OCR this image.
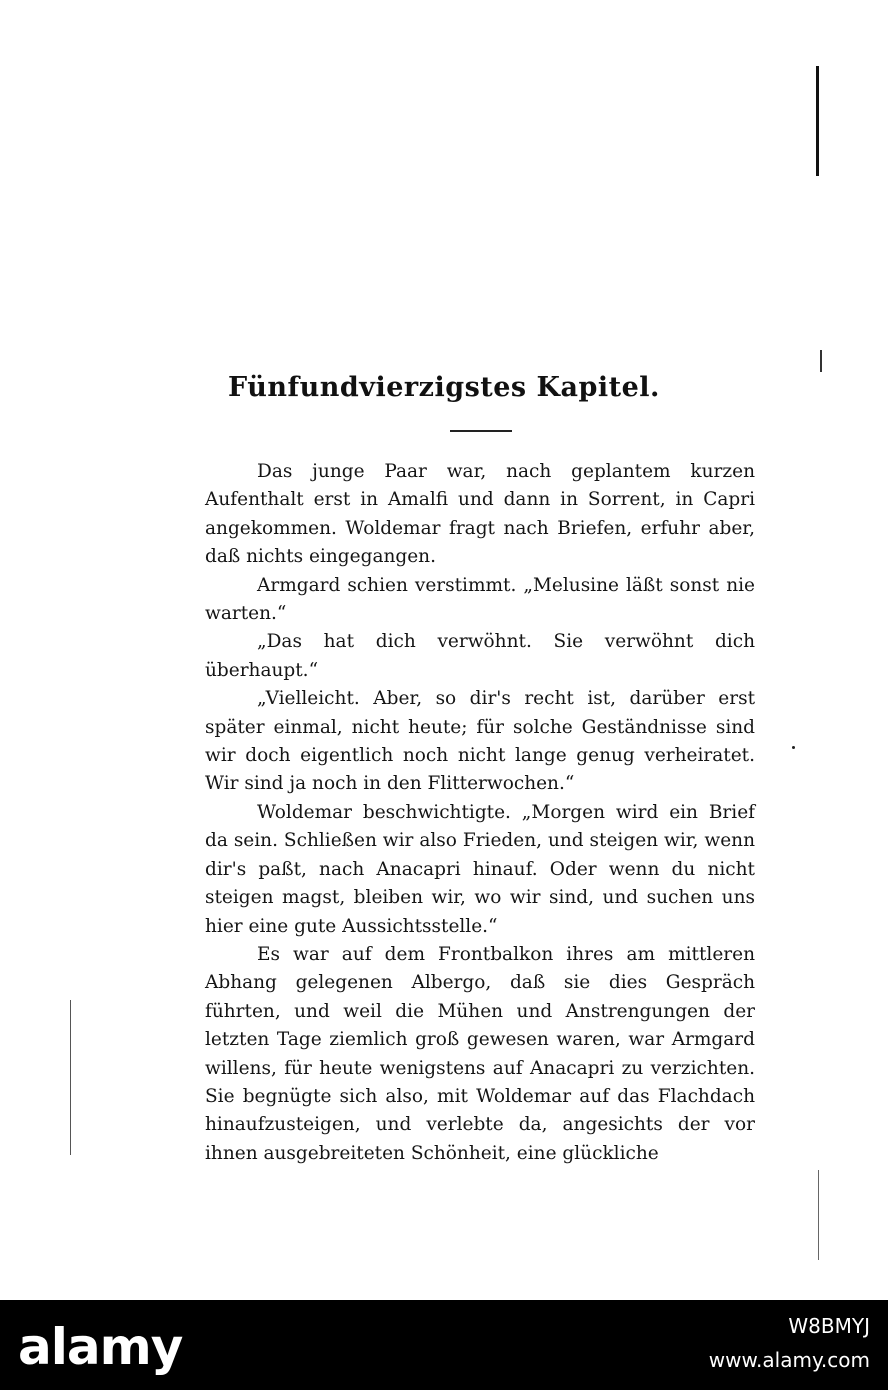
Fünfundvierzigstes Kapitel.

Das junge Paar war, nach geplantem kurzen Aufenthalt erst in Amalfi und dann in Sorrent, in Capri angekommen. Woldemar fragt nach Briefen, erfuhr aber, daß nichts eingegangen.

Armgard schien verstimmt. „Melusine läßt sonst nie warten.“

„Das hat dich verwöhnt. Sie verwöhnt dich überhaupt.“

„Vielleicht. Aber, so dir's recht ist, darüber erst später einmal, nicht heute; für solche Geständnisse sind wir doch eigentlich noch nicht lange genug verheiratet. Wir sind ja noch in den Flitterwochen.“

Woldemar beschwichtigte. „Morgen wird ein Brief da sein. Schließen wir also Frieden, und steigen wir, wenn dir's paßt, nach Anacapri hinauf. Oder wenn du nicht steigen magst, bleiben wir, wo wir sind, und suchen uns hier eine gute Aussichtsstelle.“

Es war auf dem Frontbalkon ihres am mittleren Abhang gelegenen Albergo, daß sie dies Gespräch führten, und weil die Mühen und Anstrengungen der letzten Tage ziemlich groß gewesen waren, war Armgard willens, für heute wenigstens auf Anacapri zu verzichten. Sie begnügte sich also, mit Woldemar auf das Flachdach hinaufzusteigen, und verlebte da, angesichts der vor ihnen ausgebreiteten Schönheit, eine glückliche

alamy	W8BMYJ
www.alamy.com
